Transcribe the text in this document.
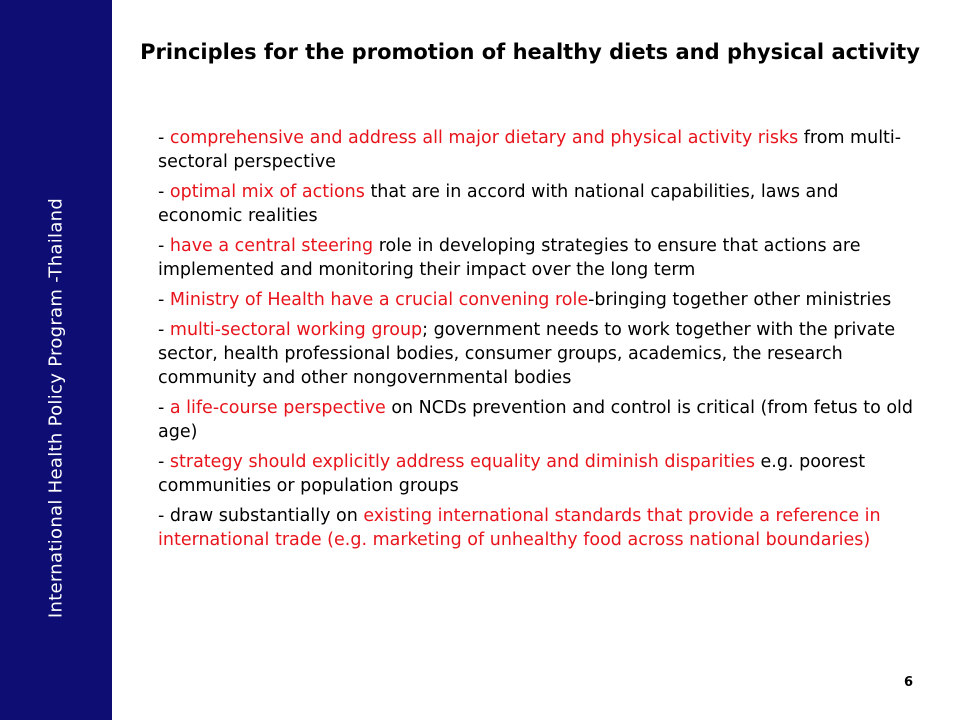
International Health Policy Program -Thailand
Principles for the promotion of healthy diets and physical activity
- comprehensive and address all major dietary and physical activity risks from multi-sectoral perspective
- optimal mix of actions that are in accord with national capabilities, laws and economic realities
- have a central steering role in developing strategies to ensure that actions are implemented and monitoring their impact over the long term
- Ministry of Health have a crucial convening role-bringing together other ministries
- multi-sectoral working group; government needs to work together with the private sector, health professional bodies, consumer groups, academics, the research community and other nongovernmental bodies
- a life-course perspective on NCDs prevention and control is critical (from fetus to old age)
- strategy should explicitly address equality and diminish disparities e.g. poorest communities or population groups
- draw substantially on existing international standards that provide a reference in international trade (e.g. marketing of unhealthy food across national boundaries)
6
